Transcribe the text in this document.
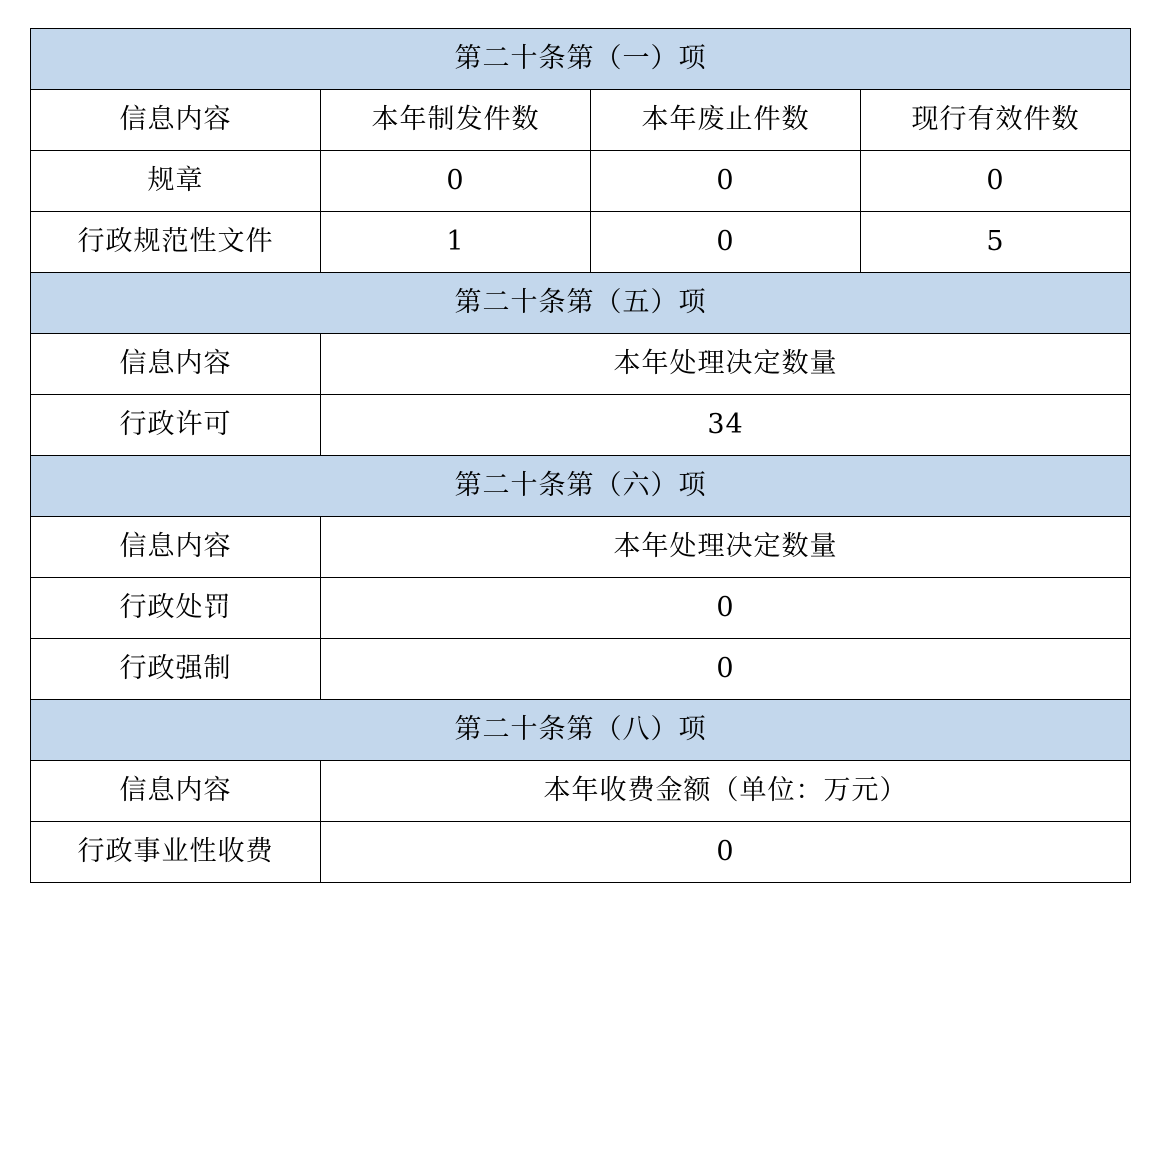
第二十条第（一）项			
信息内容	本年制发件数	本年废止件数	现行有效件数
规章	0	0	0
行政规范性文件	1	0	5
第二十条第（五）项			
信息内容	本年处理决定数量		
行政许可	34		
第二十条第（六）项			
信息内容	本年处理决定数量		
行政处罚	0		
行政强制	0		
第二十条第（八）项			
信息内容	本年收费金额（单位：万元）		
行政事业性收费	0		
